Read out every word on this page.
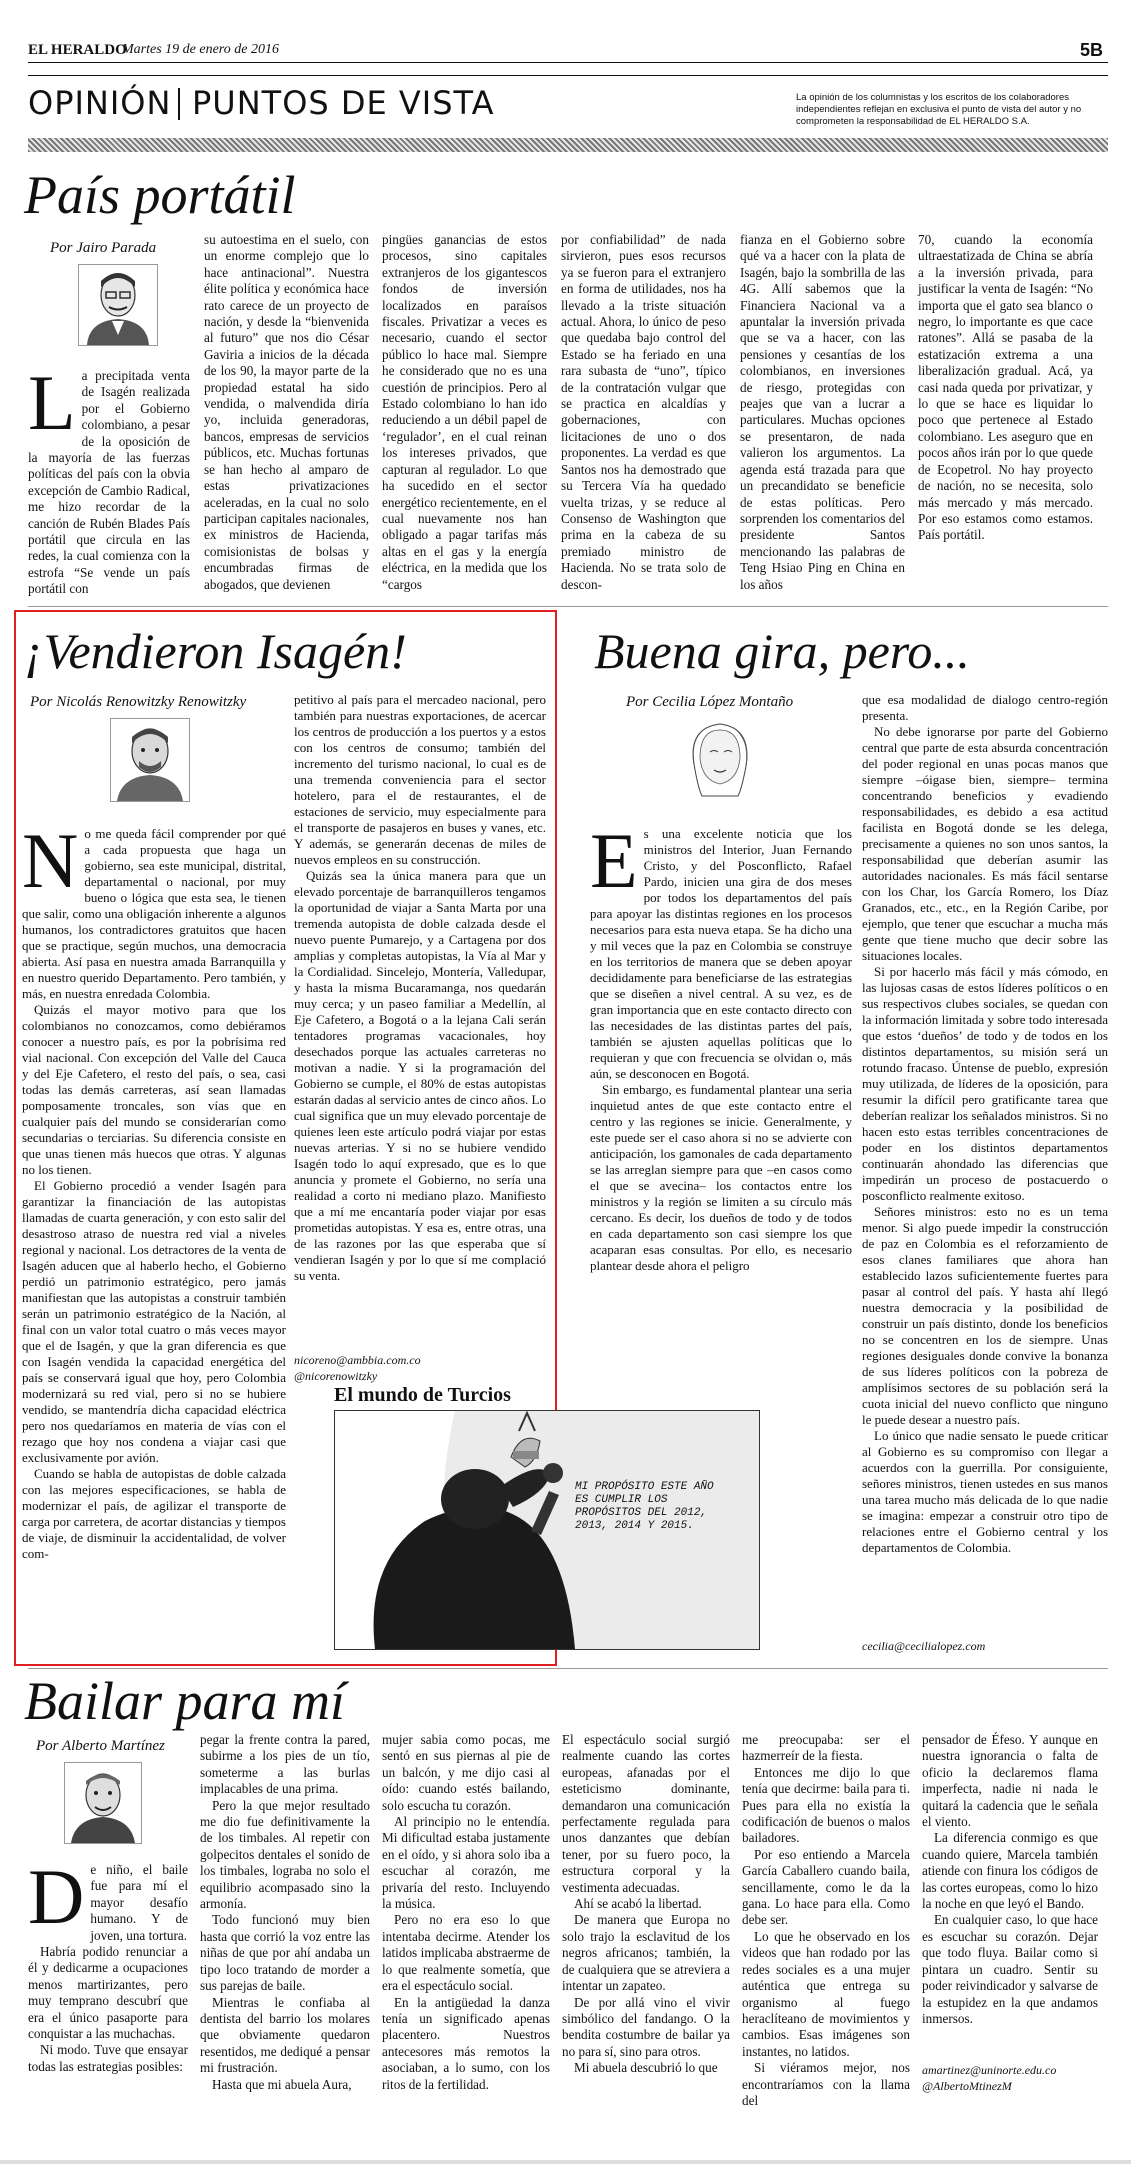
EL HERALDO
Martes 19 de enero de 2016	5B
OPINIÓN PUNTOS DE VISTA	La opinión de los columnistas y los escritos de los colaboradores independientes reflejan en exclusiva el punto de vista del autor y no comprometen la responsabilidad de EL HERALDO S.A.
País portátil
Por Jairo Parada

La precipitada venta de Isagén realizada por el Gobierno colombiano, a pesar de la oposición de la mayoría de las fuerzas políticas del país con la obvia excepción de Cambio Radical, me hizo recordar de la canción de Rubén Blades País portátil que circula en las redes, la cual comienza con la estrofa “Se vende un país portátil con

su autoestima en el suelo, con un enorme complejo que lo hace antinacional”. Nuestra élite política y económica hace rato carece de un proyecto de nación, y desde la “bienvenida al futuro” que nos dio César Gaviria a inicios de la década de los 90, la mayor parte de la propiedad estatal ha sido vendida, o malvendida diría yo, incluida generadoras, bancos, empresas de servicios públicos, etc. Muchas fortunas se han hecho al amparo de estas privatizaciones aceleradas, en la cual no solo participan capitales nacionales, ex ministros de Hacienda, comisionistas de bolsas y encumbradas firmas de abogados, que devienen

pingües ganancias de estos procesos, sino capitales extranjeros de los gigantescos fondos de inversión localizados en paraísos fiscales. Privatizar a veces es necesario, cuando el sector público lo hace mal. Siempre he considerado que no es una cuestión de principios. Pero al Estado colombiano lo han ido reduciendo a un débil papel de ‘regulador’, en el cual reinan los intereses privados, que capturan al regulador. Lo que ha sucedido en el sector energético recientemente, en el cual nuevamente nos han obligado a pagar tarifas más altas en el gas y la energía eléctrica, en la medida que los “cargos

por confiabilidad” de nada sirvieron, pues esos recursos ya se fueron para el extranjero en forma de utilidades, nos ha llevado a la triste situación actual. Ahora, lo único de peso que quedaba bajo control del Estado se ha feriado en una rara subasta de “uno”, típico de la contratación vulgar que se practica en alcaldías y gobernaciones, con licitaciones de uno o dos proponentes. La verdad es que Santos nos ha demostrado que su Tercera Vía ha quedado vuelta trizas, y se reduce al Consenso de Washington que prima en la cabeza de su premiado ministro de Hacienda. No se trata solo de descon-

fianza en el Gobierno sobre qué va a hacer con la plata de Isagén, bajo la sombrilla de las 4G. Allí sabemos que la Financiera Nacional va a apuntalar la inversión privada que se va a hacer, con las pensiones y cesantías de los colombianos, en inversiones de riesgo, protegidas con peajes que van a lucrar a particulares. Muchas opciones se presentaron, de nada valieron los argumentos. La agenda está trazada para que un precandidato se beneficie de estas políticas. Pero sorprenden los comentarios del presidente Santos mencionando las palabras de Teng Hsiao Ping en China en los años

70, cuando la economía ultraestatizada de China se abría a la inversión privada, para justificar la venta de Isagén: “No importa que el gato sea blanco o negro, lo importante es que cace ratones”. Allá se pasaba de la estatización extrema a una liberalización gradual. Acá, ya casi nada queda por privatizar, y lo que se hace es liquidar lo poco que pertenece al Estado colombiano. Les aseguro que en pocos años irán por lo que quede de Ecopetrol. No hay proyecto de nación, no se necesita, solo más mercado y más mercado. Por eso estamos como estamos. País portátil.

¡Vendieron Isagén!
Por Nicolás Renowitzky Renowitzky

No me queda fácil comprender por qué a cada propuesta que haga un gobierno, sea este municipal, distrital, departamental o nacional, por muy bueno o lógica que esta sea, le tienen que salir, como una obligación inherente a algunos humanos, los contradictores gratuitos que hacen que se practique, según muchos, una democracia abierta. Así pasa en nuestra amada Barranquilla y en nuestro querido Departamento. Pero también, y más, en nuestra enredada Colombia.

Quizás el mayor motivo para que los colombianos no conozcamos, como debiéramos conocer a nuestro país, es por la pobrísima red vial nacional. Con excepción del Valle del Cauca y del Eje Cafetero, el resto del país, o sea, casi todas las demás carreteras, así sean llamadas pomposamente troncales, son vías que en cualquier país del mundo se considerarían como secundarias o terciarias. Su diferencia consiste en que unas tienen más huecos que otras. Y algunas no los tienen.

El Gobierno procedió a vender Isagén para garantizar la financiación de las autopistas llamadas de cuarta generación, y con esto salir del desastroso atraso de nuestra red vial a niveles regional y nacional. Los detractores de la venta de Isagén aducen que al haberlo hecho, el Gobierno perdió un patrimonio estratégico, pero jamás manifiestan que las autopistas a construir también serán un patrimonio estratégico de la Nación, al final con un valor total cuatro o más veces mayor que el de Isagén, y que la gran diferencia es que con Isagén vendida la capacidad energética del país se conservará igual que hoy, pero Colombia modernizará su red vial, pero si no se hubiere vendido, se mantendría dicha capacidad eléctrica pero nos quedaríamos en materia de vías con el rezago que hoy nos condena a viajar casi que exclusivamente por avión.

Cuando se habla de autopistas de doble calzada con las mejores especificaciones, se habla de modernizar el país, de agilizar el transporte de carga por carretera, de acortar distancias y tiempos de viaje, de disminuir la accidentalidad, de volver com-

petitivo al país para el mercadeo nacional, pero también para nuestras exportaciones, de acercar los centros de producción a los puertos y a estos con los centros de consumo; también del incremento del turismo nacional, lo cual es de una tremenda conveniencia para el sector hotelero, para el de restaurantes, el de estaciones de servicio, muy especialmente para el transporte de pasajeros en buses y vanes, etc. Y además, se generarán decenas de miles de nuevos empleos en su construcción.

Quizás sea la única manera para que un elevado porcentaje de barranquilleros tengamos la oportunidad de viajar a Santa Marta por una tremenda autopista de doble calzada desde el nuevo puente Pumarejo, y a Cartagena por dos amplias y completas autopistas, la Vía al Mar y la Cordialidad. Sincelejo, Montería, Valledupar, y hasta la misma Bucaramanga, nos quedarán muy cerca; y un paseo familiar a Medellín, al Eje Cafetero, a Bogotá o a la lejana Cali serán tentadores programas vacacionales, hoy desechados porque las actuales carreteras no motivan a nadie. Y si la programación del Gobierno se cumple, el 80% de estas autopistas estarán dadas al servicio antes de cinco años. Lo cual significa que un muy elevado porcentaje de quienes leen este artículo podrá viajar por estas nuevas arterias. Y si no se hubiere vendido Isagén todo lo aquí expresado, que es lo que anuncia y promete el Gobierno, no sería una realidad a corto ni mediano plazo. Manifiesto que a mí me encantaría poder viajar por esas prometidas autopistas. Y esa es, entre otras, una de las razones por las que esperaba que sí vendieran Isagén y por lo que sí me complació su venta.

nicoreno@ambbia.com.co
@nicorenowitzky
El mundo de Turcios
MI PROPÓSITO ESTE AÑO ES CUMPLIR LOS PROPÓSITOS DEL 2012, 2013, 2014 Y 2015.
Buena gira, pero...
Por Cecilia López Montaño

Es una excelente noticia que los ministros del Interior, Juan Fernando Cristo, y del Posconflicto, Rafael Pardo, inicien una gira de dos meses por todos los departamentos del país para apoyar las distintas regiones en los procesos necesarios para esta nueva etapa. Se ha dicho una y mil veces que la paz en Colombia se construye en los territorios de manera que se deben apoyar decididamente para beneficiarse de las estrategias que se diseñen a nivel central. A su vez, es de gran importancia que en este contacto directo con las necesidades de las distintas partes del país, también se ajusten aquellas políticas que lo requieran y que con frecuencia se olvidan o, más aún, se desconocen en Bogotá.

Sin embargo, es fundamental plantear una seria inquietud antes de que este contacto entre el centro y las regiones se inicie. Generalmente, y este puede ser el caso ahora si no se advierte con anticipación, los gamonales de cada departamento se las arreglan siempre para que –en casos como el que se avecina– los contactos entre los ministros y la región se limiten a su círculo más cercano. Es decir, los dueños de todo y de todos en cada departamento son casi siempre los que acaparan esas consultas. Por ello, es necesario plantear desde ahora el peligro

que esa modalidad de dialogo centro-región presenta.

No debe ignorarse por parte del Gobierno central que parte de esta absurda concentración del poder regional en unas pocas manos que siempre –óigase bien, siempre– termina concentrando beneficios y evadiendo responsabilidades, es debido a esa actitud facilista en Bogotá donde se les delega, precisamente a quienes no son unos santos, la responsabilidad que deberían asumir las autoridades nacionales. Es más fácil sentarse con los Char, los García Romero, los Díaz Granados, etc., etc., en la Región Caribe, por ejemplo, que tener que escuchar a mucha más gente que tiene mucho que decir sobre las situaciones locales.

Si por hacerlo más fácil y más cómodo, en las lujosas casas de estos líderes políticos o en sus respectivos clubes sociales, se quedan con la información limitada y sobre todo interesada que estos ‘dueños’ de todo y de todos en los distintos departamentos, su misión será un rotundo fracaso. Úntense de pueblo, expresión muy utilizada, de líderes de la oposición, para resumir la difícil pero gratificante tarea que deberían realizar los señalados ministros. Si no hacen esto estas terribles concentraciones de poder en los distintos departamentos continuarán ahondado las diferencias que impedirán un proceso de postacuerdo o posconflicto realmente exitoso.

Señores ministros: esto no es un tema menor. Si algo puede impedir la construcción de paz en Colombia es el reforzamiento de esos clanes familiares que ahora han establecido lazos suficientemente fuertes para pasar al control del país. Y hasta ahí llegó nuestra democracia y la posibilidad de construir un país distinto, donde los beneficios no se concentren en los de siempre. Unas regiones desiguales donde convive la bonanza de sus líderes políticos con la pobreza de amplísimos sectores de su población será la cuota inicial del nuevo conflicto que ninguno le puede desear a nuestro país.

Lo único que nadie sensato le puede criticar al Gobierno es su compromiso con llegar a acuerdos con la guerrilla. Por consiguiente, señores ministros, tienen ustedes en sus manos una tarea mucho más delicada de lo que nadie se imagina: empezar a construir otro tipo de relaciones entre el Gobierno central y los departamentos de Colombia.

cecilia@cecilialopez.com
Bailar para mí
Por Alberto Martínez

De niño, el baile fue para mí el mayor desafío humano. Y de joven, una tortura.

Habría podido renunciar a él y dedicarme a ocupaciones menos martirizantes, pero muy temprano descubrí que era el único pasaporte para conquistar a las muchachas.

Ni modo. Tuve que ensayar todas las estrategias posibles:

pegar la frente contra la pared, subirme a los pies de un tío, someterme a las burlas implacables de una prima.

Pero la que mejor resultado me dio fue definitivamente la de los timbales. Al repetir con golpecitos dentales el sonido de los timbales, lograba no solo el equilibrio acompasado sino la armonía.

Todo funcionó muy bien hasta que corrió la voz entre las niñas de que por ahí andaba un tipo loco tratando de morder a sus parejas de baile.

Mientras le confiaba al dentista del barrio los molares que obviamente quedaron resentidos, me dediqué a pensar mi frustración.

Hasta que mi abuela Aura,

mujer sabia como pocas, me sentó en sus piernas al pie de un balcón, y me dijo casi al oído: cuando estés bailando, solo escucha tu corazón.

Al principio no le entendía. Mi dificultad estaba justamente en el oído, y si ahora solo iba a escuchar al corazón, me privaría del resto. Incluyendo la música.

Pero no era eso lo que intentaba decirme. Atender los latidos implicaba abstraerme de lo que realmente sometía, que era el espectáculo social.

En la antigüedad la danza tenía un significado apenas placentero. Nuestros antecesores más remotos la asociaban, a lo sumo, con los ritos de la fertilidad.

El espectáculo social surgió realmente cuando las cortes europeas, afanadas por el esteticismo dominante, demandaron una comunicación perfectamente regulada para unos danzantes que debían tener, por su fuero poco, la estructura corporal y la vestimenta adecuadas.

Ahí se acabó la libertad.

De manera que Europa no solo trajo la esclavitud de los negros africanos; también, la de cualquiera que se atreviera a intentar un zapateo.

De por allá vino el vivir simbólico del fandango. O la bendita costumbre de bailar ya no para sí, sino para otros.

Mi abuela descubrió lo que

me preocupaba: ser el hazmerreír de la fiesta.

Entonces me dijo lo que tenía que decirme: baila para ti. Pues para ella no existía la codificación de buenos o malos bailadores.

Por eso entiendo a Marcela García Caballero cuando baila, sencillamente, como le da la gana. Lo hace para ella. Como debe ser.

Lo que he observado en los videos que han rodado por las redes sociales es a una mujer auténtica que entrega su organismo al fuego heraclíteano de movimientos y cambios. Esas imágenes son instantes, no latidos.

Si viéramos mejor, nos encontraríamos con la llama del

pensador de Éfeso. Y aunque en nuestra ignorancia o falta de oficio la declaremos flama imperfecta, nadie ni nada le quitará la cadencia que le señala el viento.

La diferencia conmigo es que cuando quiere, Marcela también atiende con finura los códigos de las cortes europeas, como lo hizo la noche en que leyó el Bando.

En cualquier caso, lo que hace es escuchar su corazón. Dejar que todo fluya. Bailar como si pintara un cuadro. Sentir su poder reivindicador y salvarse de la estupidez en la que andamos inmersos.

amartinez@uninorte.edu.co
@AlbertoMtinezM
